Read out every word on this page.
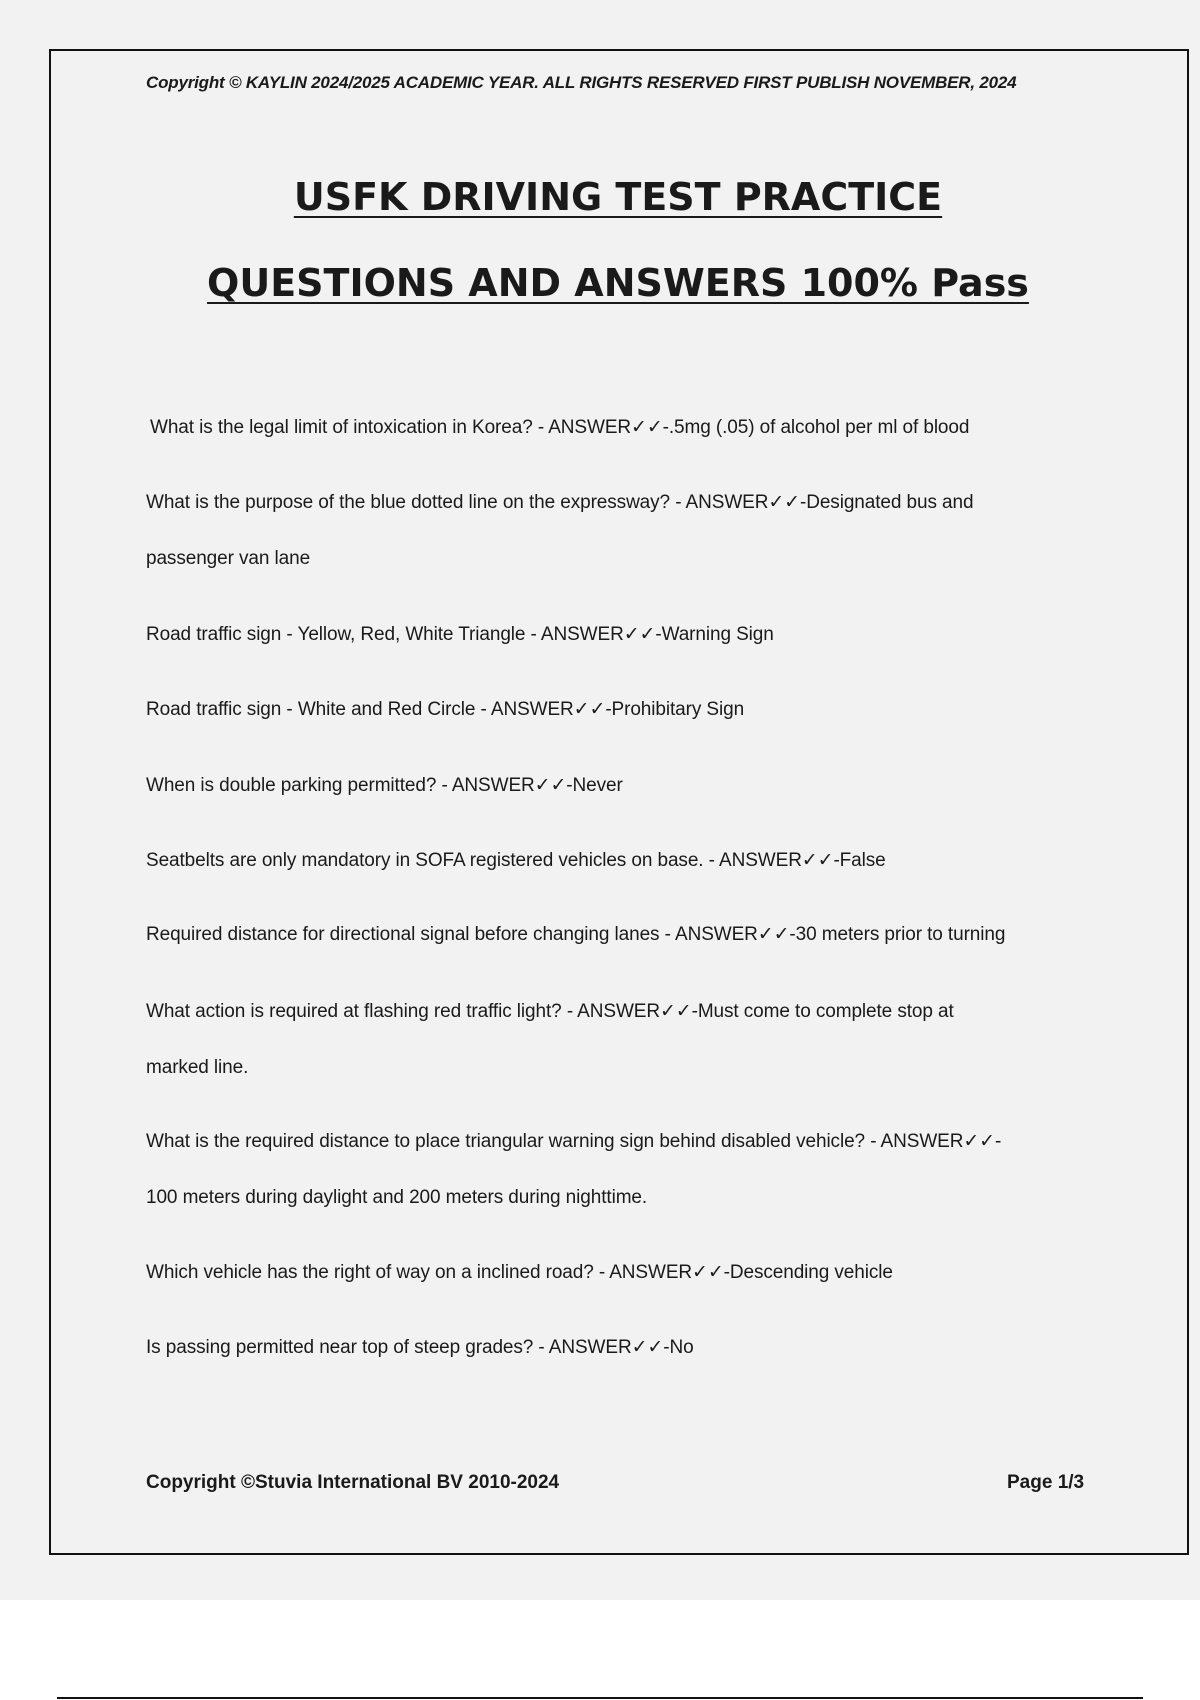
Copyright © KAYLIN 2024/2025 ACADEMIC YEAR. ALL RIGHTS RESERVED FIRST PUBLISH NOVEMBER, 2024
USFK DRIVING TEST PRACTICE
QUESTIONS AND ANSWERS 100% Pass
What is the legal limit of intoxication in Korea? - ANSWER✓✓-.5mg (.05) of alcohol per ml of blood
What is the purpose of the blue dotted line on the expressway? - ANSWER✓✓-Designated bus and
passenger van lane
Road traffic sign - Yellow, Red, White Triangle - ANSWER✓✓-Warning Sign
Road traffic sign - White and Red Circle - ANSWER✓✓-Prohibitary Sign
When is double parking permitted? - ANSWER✓✓-Never
Seatbelts are only mandatory in SOFA registered vehicles on base. - ANSWER✓✓-False
Required distance for directional signal before changing lanes - ANSWER✓✓-30 meters prior to turning
What action is required at flashing red traffic light? - ANSWER✓✓-Must come to complete stop at
marked line.
What is the required distance to place triangular warning sign behind disabled vehicle? - ANSWER✓✓-
100 meters during daylight and 200 meters during nighttime.
Which vehicle has the right of way on a inclined road? - ANSWER✓✓-Descending vehicle
Is passing permitted near top of steep grades? - ANSWER✓✓-No
Copyright ©Stuvia International BV 2010-2024	Page 1/3
